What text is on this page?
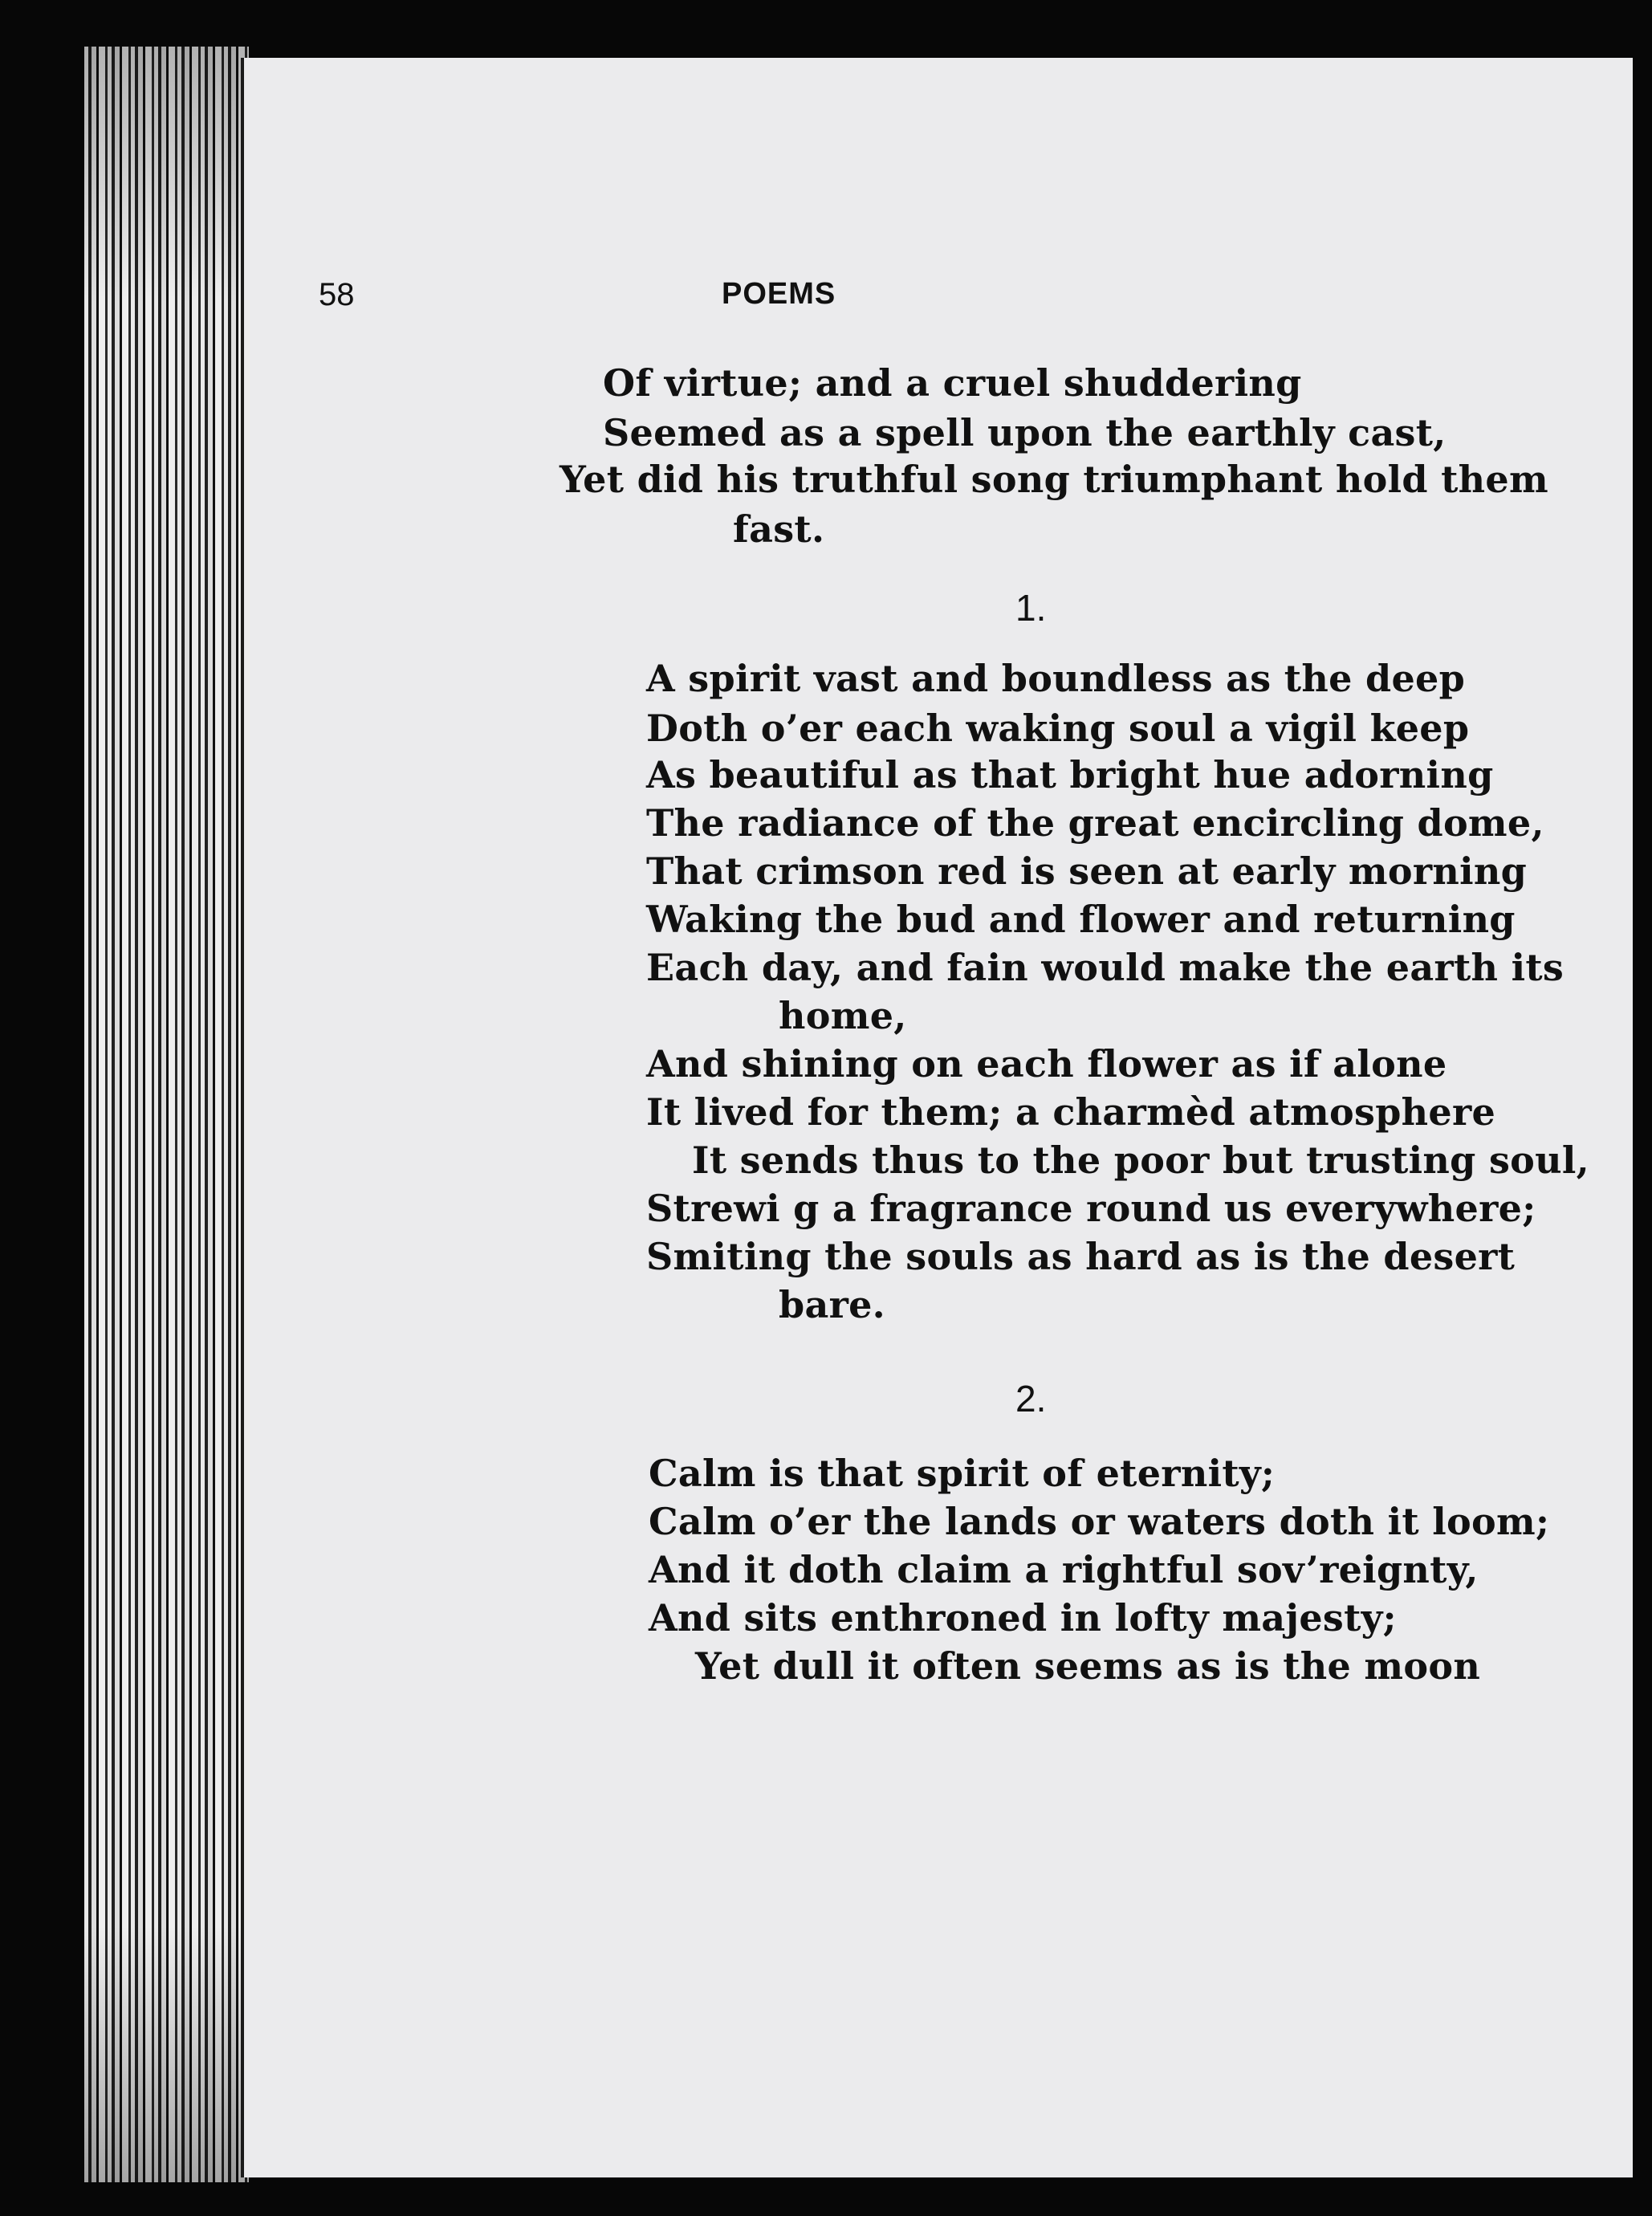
58	POEMS
Of virtue; and a cruel shuddering
Seemed as a spell upon the earthly cast,
Yet did his truthful song triumphant hold them
fast.
1.
A spirit vast and boundless as the deep
Doth o’er each waking soul a vigil keep
As beautiful as that bright hue adorning
The radiance of the great encircling dome,
That crimson red is seen at early morning
Waking the bud and flower and returning
Each day, and fain would make the earth its
home,
And shining on each flower as if alone
It lived for them; a charmèd atmosphere
It sends thus to the poor but trusting soul,
Strewi g a fragrance round us everywhere;
Smiting the souls as hard as is the desert
bare.
2.
Calm is that spirit of eternity;
Calm o’er the lands or waters doth it loom;
And it doth claim a rightful sov’reignty,
And sits enthroned in lofty majesty;
Yet dull it often seems as is the moon
